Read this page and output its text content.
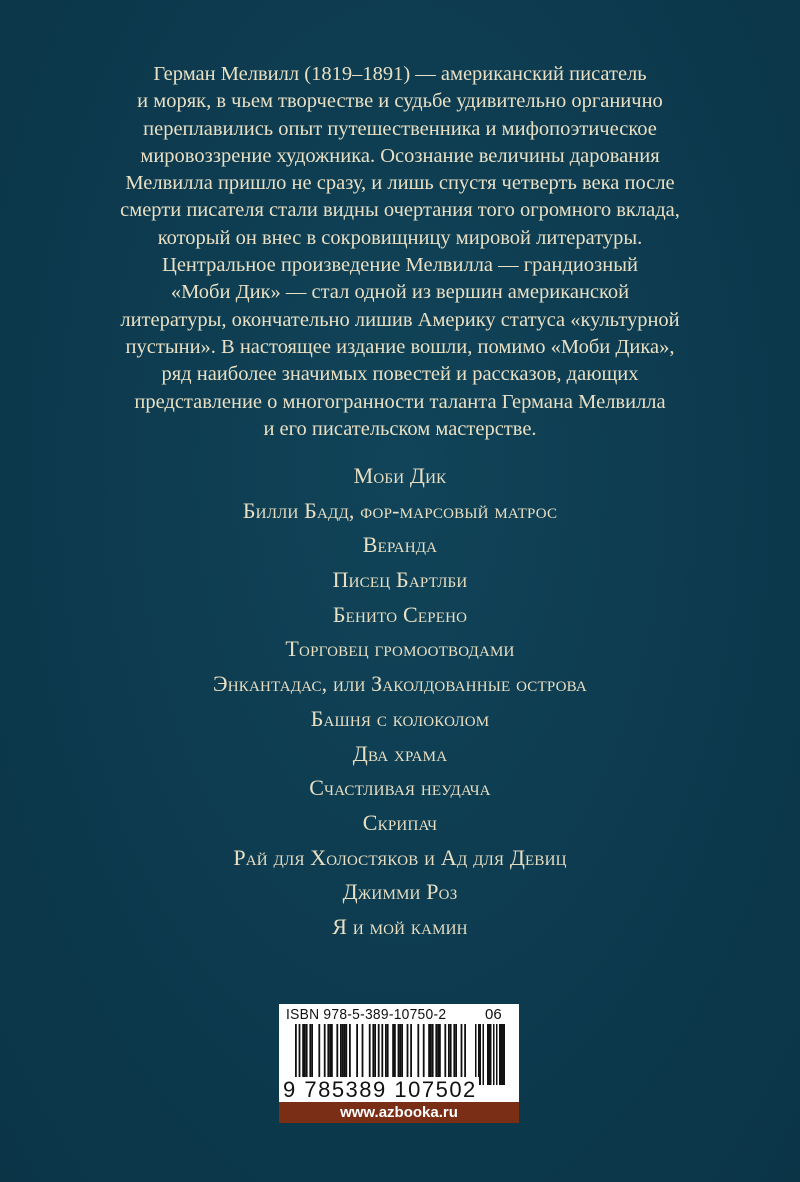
Герман Мелвилл (1819–1891) — американский писатель

и моряк, в чьем творчестве и судьбе удивительно органично

переплавились опыт путешественника и мифопоэтическое

мировоззрение художника. Осознание величины дарования

Мелвилла пришло не сразу, и лишь спустя четверть века после

смерти писателя стали видны очертания того огромного вклада,

который он внес в сокровищницу мировой литературы.

Центральное произведение Мелвилла — грандиозный

«Моби Дик» — стал одной из вершин американской

литературы, окончательно лишив Америку статуса «культурной

пустыни». В настоящее издание вошли, помимо «Моби Дика»,

ряд наиболее значимых повестей и рассказов, дающих

представление о многогранности таланта Германа Мелвилла

и его писательском мастерстве.

Моби Дик
Билли Бадд, фор-марсовый матрос
Веранда
Писец Бартлби
Бенито Серено
Торговец громоотводами
Энкантадас, или Заколдованные острова
Башня с колоколом
Два храма
Счастливая неудача
Скрипач
Рай для Холостяков и Ад для Девиц
Джимми Роз
Я и мой камин
ISBN 978-5-389-10750-2	06
9 785389 107502
www.azbooka.ru
